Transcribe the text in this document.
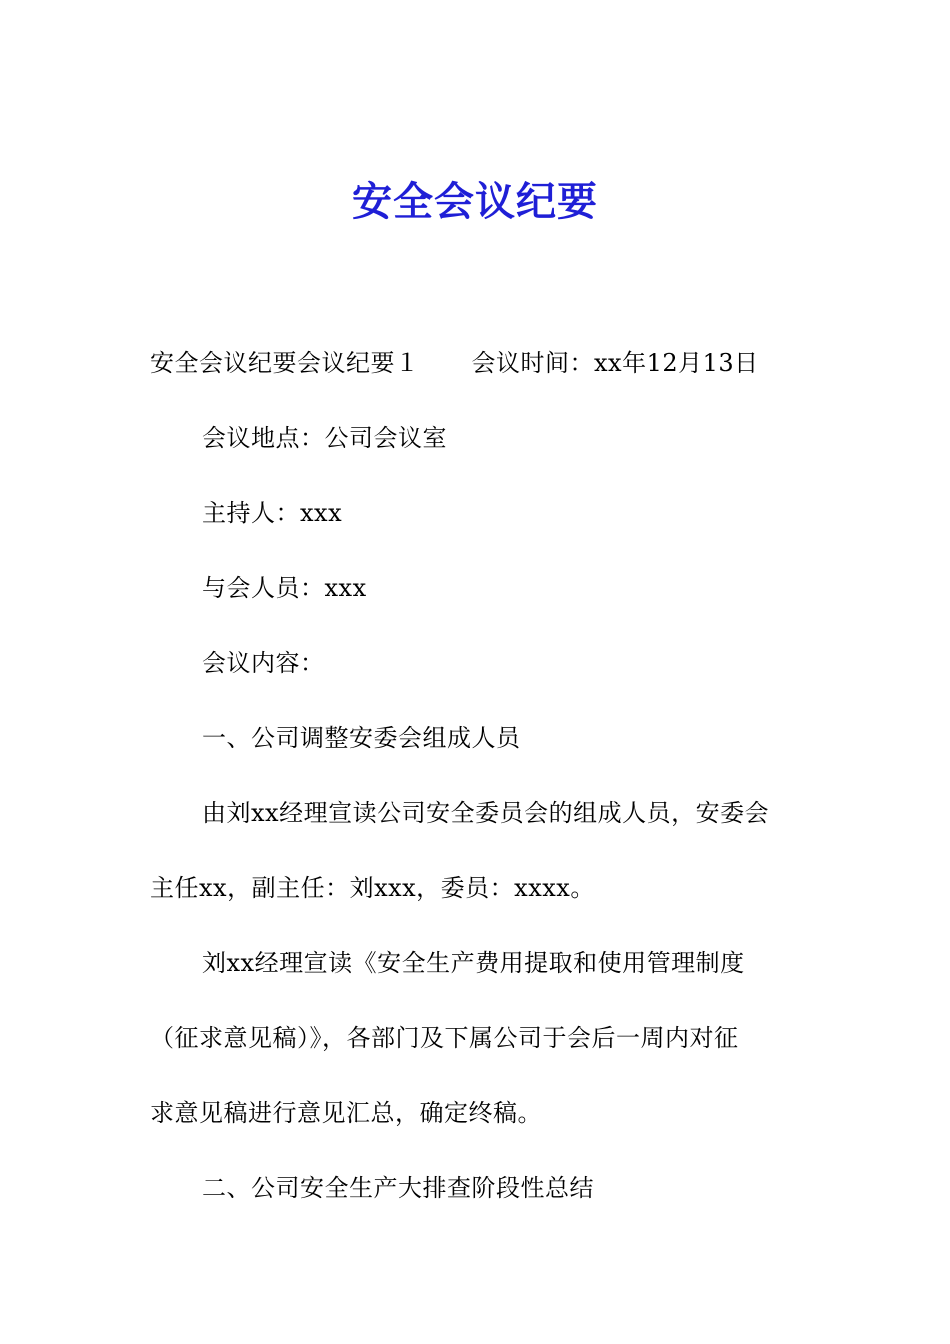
安全会议纪要
安全会议纪要会议纪要１ 会议时间：xx年12月13日
会议地点：公司会议室
主持人：xxx
与会人员：xxx
会议内容：
一、公司调整安委会组成人员
由刘xx经理宣读公司安全委员会的组成人员，安委会
主任xx，副主任：刘xxx，委员：xxxx。
刘xx经理宣读《安全生产费用提取和使用管理制度
（征求意见稿）》，各部门及下属公司于会后一周内对征
求意见稿进行意见汇总，确定终稿。
二、公司安全生产大排查阶段性总结
